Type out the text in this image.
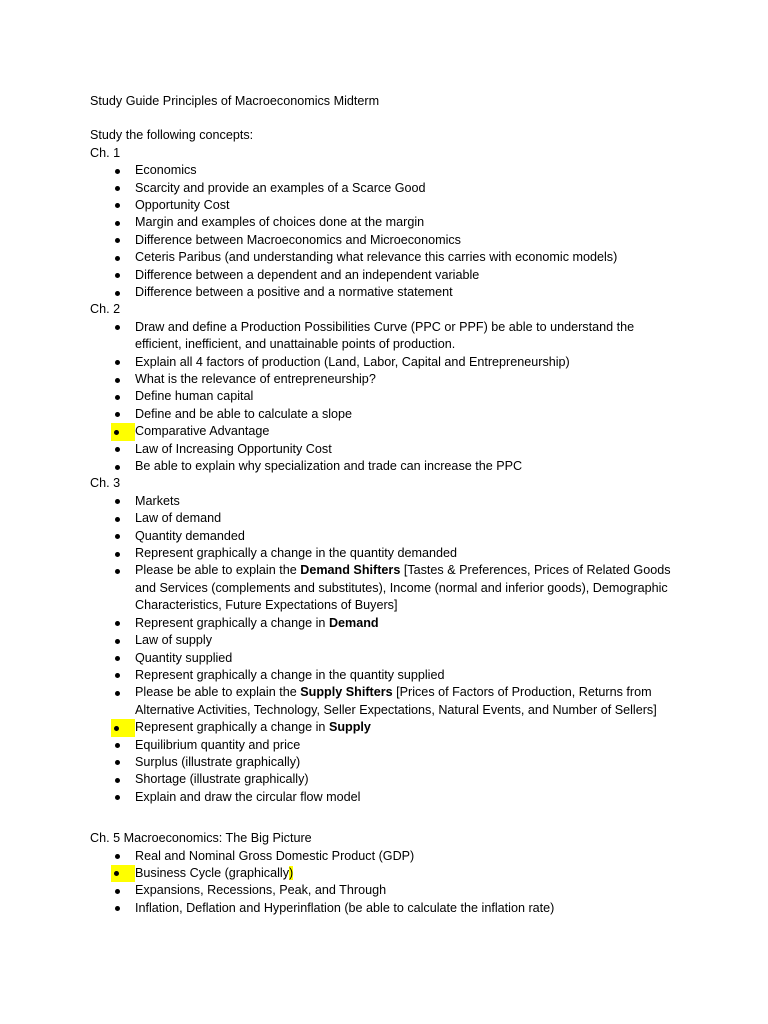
Study Guide Principles of Macroeconomics Midterm
Study the following concepts:
Ch. 1
Economics
Scarcity and provide an examples of a Scarce Good
Opportunity Cost
Margin and examples of choices done at the margin
Difference between Macroeconomics and Microeconomics
Ceteris Paribus (and understanding what relevance this carries with economic models)
Difference between a dependent and an independent variable
Difference between a positive and a normative statement
Ch. 2
Draw and define a Production Possibilities Curve (PPC or PPF) be able to understand the efficient, inefficient, and unattainable points of production.
Explain all 4 factors of production (Land, Labor, Capital and Entrepreneurship)
What is the relevance of entrepreneurship?
Define human capital
Define and be able to calculate a slope
Comparative Advantage
Law of Increasing Opportunity Cost
Be able to explain why specialization and trade can increase the PPC
Ch. 3
Markets
Law of demand
Quantity demanded
Represent graphically a change in the quantity demanded
Please be able to explain the Demand Shifters [Tastes & Preferences, Prices of Related Goods and Services (complements and substitutes), Income (normal and inferior goods), Demographic Characteristics, Future Expectations of Buyers]
Represent graphically a change in Demand
Law of supply
Quantity supplied
Represent graphically a change in the quantity supplied
Please be able to explain the Supply Shifters [Prices of Factors of Production, Returns from Alternative Activities, Technology, Seller Expectations, Natural Events, and Number of Sellers]
Represent graphically a change in Supply
Equilibrium quantity and price
Surplus (illustrate graphically)
Shortage (illustrate graphically)
Explain and draw the circular flow model
Ch. 5 Macroeconomics: The Big Picture
Real and Nominal Gross Domestic Product (GDP)
Business Cycle (graphically)
Expansions, Recessions, Peak, and Through
Inflation, Deflation and Hyperinflation (be able to calculate the inflation rate)
